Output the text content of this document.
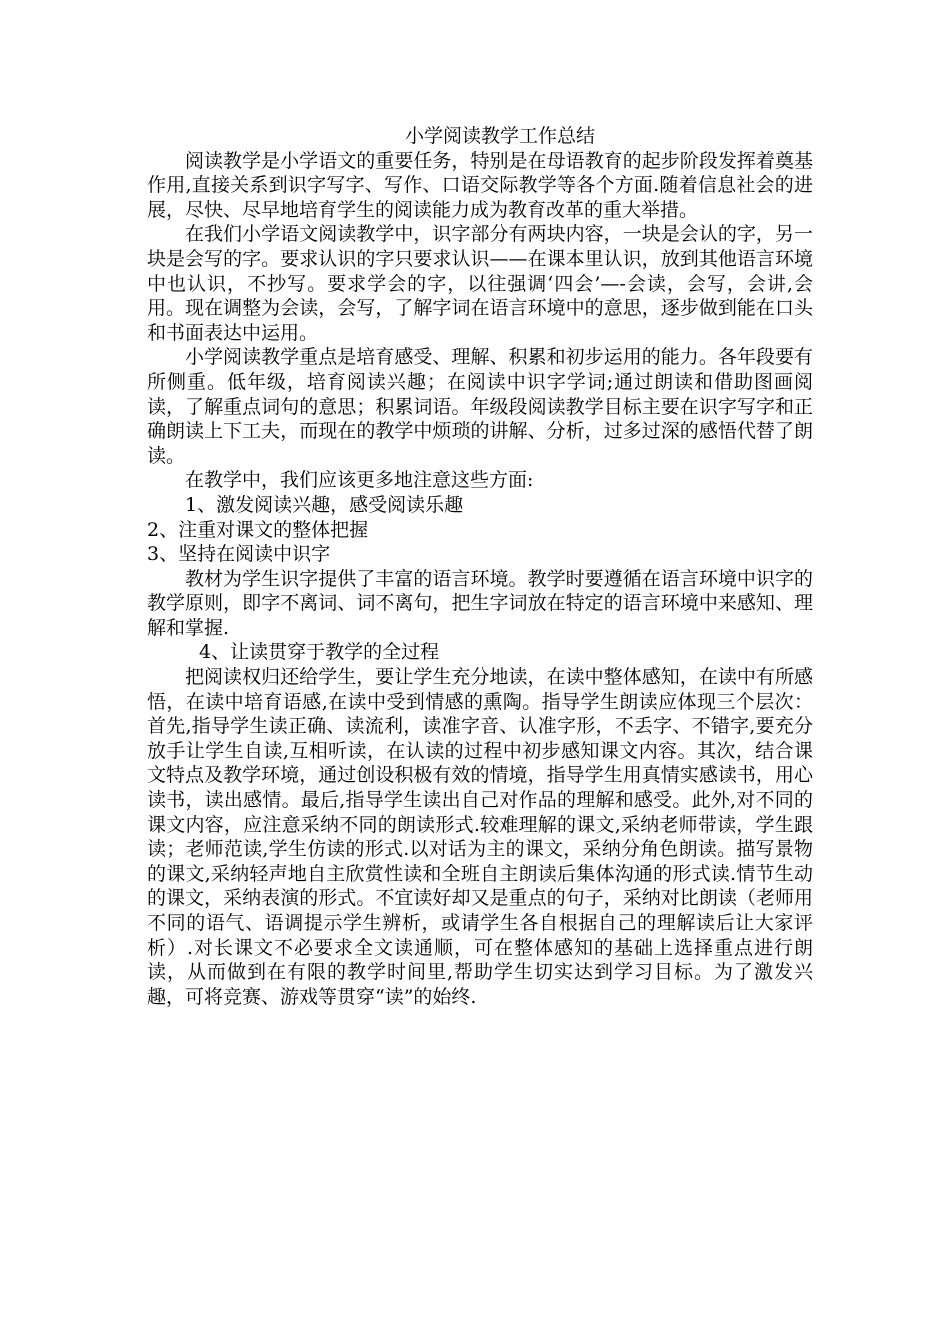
小学阅读教学工作总结

阅读教学是小学语文的重要任务，特别是在母语教育的起步阶段发挥着奠基作用,直接关系到识字写字、写作、口语交际教学等各个方面.随着信息社会的进展，尽快、尽早地培育学生的阅读能力成为教育改革的重大举措。

在我们小学语文阅读教学中，识字部分有两块内容，一块是会认的字，另一块是会写的字。要求认识的字只要求认识——在课本里认识，放到其他语言环境中也认识，不抄写。要求学会的字，以往强调‘四会’—-会读，会写，会讲,会用。现在调整为会读，会写，了解字词在语言环境中的意思，逐步做到能在口头和书面表达中运用。

小学阅读教学重点是培育感受、理解、积累和初步运用的能力。各年段要有所侧重。低年级，培育阅读兴趣；在阅读中识字学词;通过朗读和借助图画阅读，了解重点词句的意思；积累词语。年级段阅读教学目标主要在识字写字和正确朗读上下工夫，而现在的教学中烦琐的讲解、分析，过多过深的感悟代替了朗读。

在教学中，我们应该更多地注意这些方面:

1、激发阅读兴趣，感受阅读乐趣

2、注重对课文的整体把握

3、坚持在阅读中识字

教材为学生识字提供了丰富的语言环境。教学时要遵循在语言环境中识字的教学原则，即字不离词、词不离句，把生字词放在特定的语言环境中来感知、理解和掌握.

4、让读贯穿于教学的全过程

把阅读权归还给学生，要让学生充分地读，在读中整体感知，在读中有所感悟，在读中培育语感,在读中受到情感的熏陶。指导学生朗读应体现三个层次：首先,指导学生读正确、读流利，读准字音、认准字形，不丢字、不错字,要充分放手让学生自读,互相听读，在认读的过程中初步感知课文内容。其次，结合课文特点及教学环境，通过创设积极有效的情境，指导学生用真情实感读书，用心读书，读出感情。最后,指导学生读出自己对作品的理解和感受。此外,对不同的课文内容，应注意采纳不同的朗读形式.较难理解的课文,采纳老师带读，学生跟读；老师范读,学生仿读的形式.以对话为主的课文，采纳分角色朗读。描写景物的课文,采纳轻声地自主欣赏性读和全班自主朗读后集体沟通的形式读.情节生动的课文，采纳表演的形式。不宜读好却又是重点的句子，采纳对比朗读（老师用不同的语气、语调提示学生辨析，或请学生各自根据自己的理解读后让大家评析）.对长课文不必要求全文读通顺，可在整体感知的基础上选择重点进行朗读，从而做到在有限的教学时间里,帮助学生切实达到学习目标。为了激发兴趣，可将竞赛、游戏等贯穿“读”的始终.
